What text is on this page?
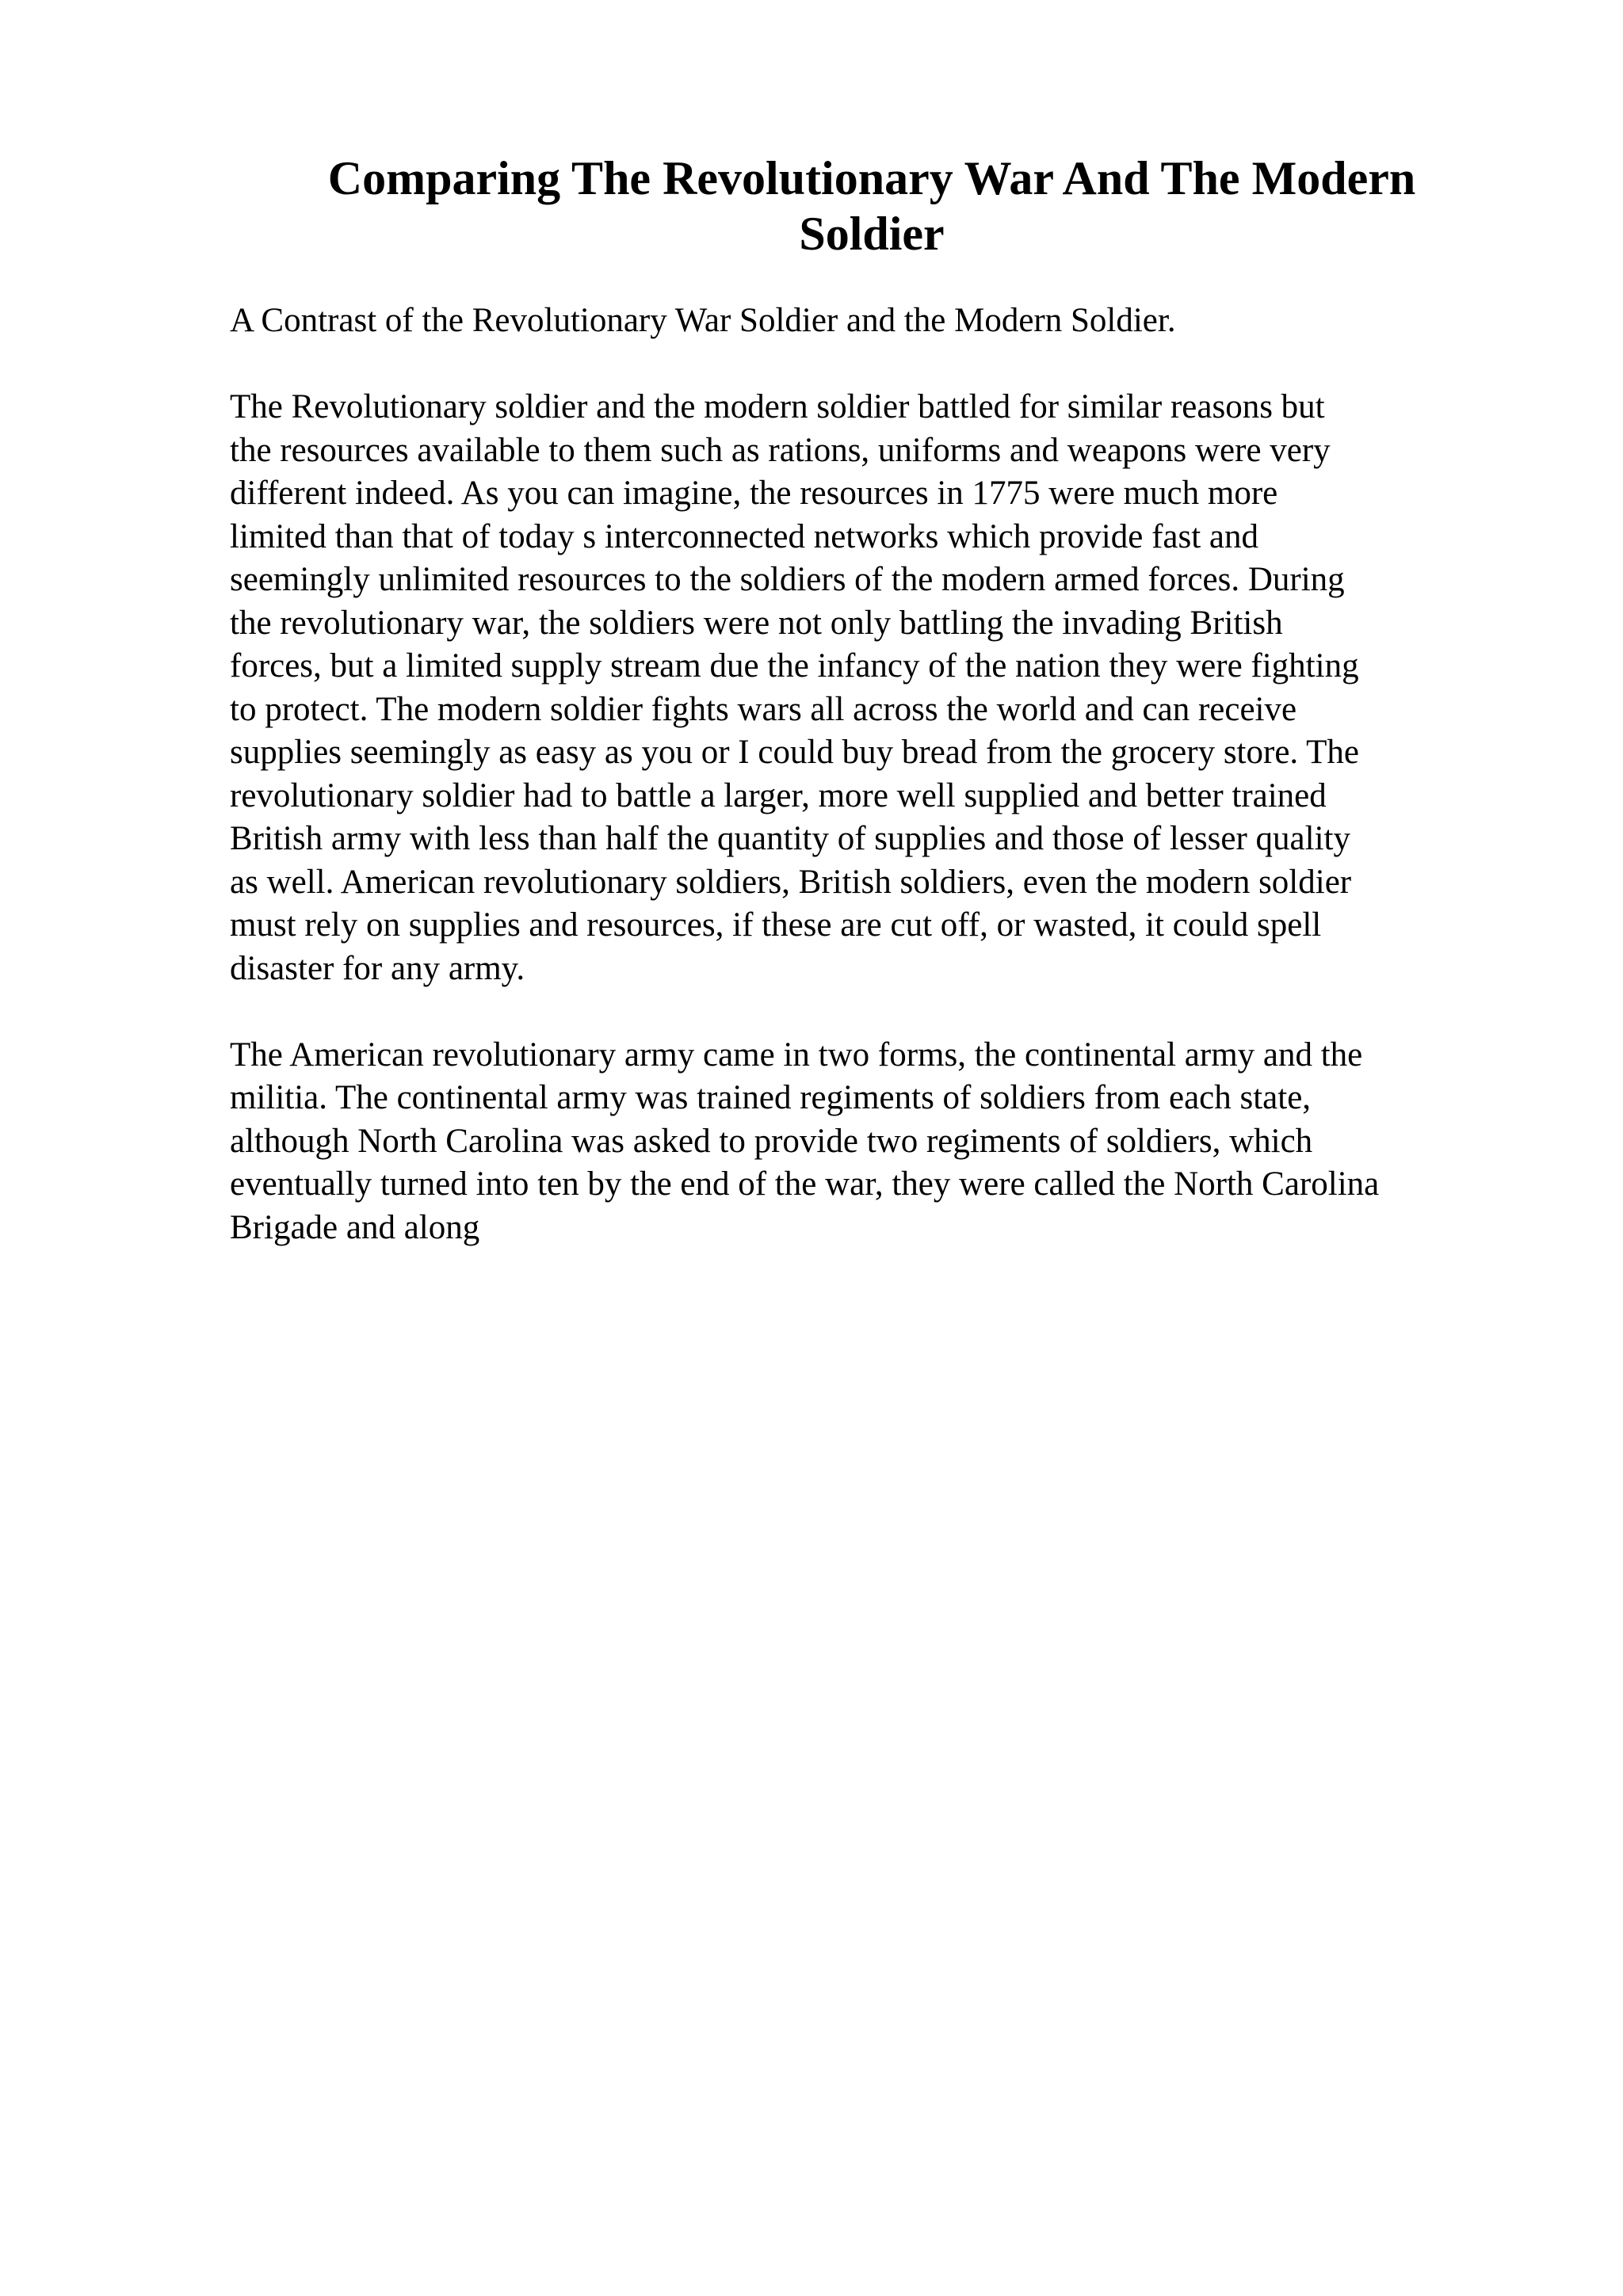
Comparing The Revolutionary War And The Modern
Soldier

A Contrast of the Revolutionary War Soldier and the Modern Soldier.

The Revolutionary soldier and the modern soldier battled for similar reasons but
the resources available to them such as rations, uniforms and weapons were very
different indeed. As you can imagine, the resources in 1775 were much more
limited than that of today s interconnected networks which provide fast and
seemingly unlimited resources to the soldiers of the modern armed forces. During
the revolutionary war, the soldiers were not only battling the invading British
forces, but a limited supply stream due the infancy of the nation they were fighting
to protect. The modern soldier fights wars all across the world and can receive
supplies seemingly as easy as you or I could buy bread from the grocery store. The
revolutionary soldier had to battle a larger, more well supplied and better trained
British army with less than half the quantity of supplies and those of lesser quality
as well. American revolutionary soldiers, British soldiers, even the modern soldier
must rely on supplies and resources, if these are cut off, or wasted, it could spell
disaster for any army.

The American revolutionary army came in two forms, the continental army and the
militia. The continental army was trained regiments of soldiers from each state,
although North Carolina was asked to provide two regiments of soldiers, which
eventually turned into ten by the end of the war, they were called the North Carolina
Brigade and along
